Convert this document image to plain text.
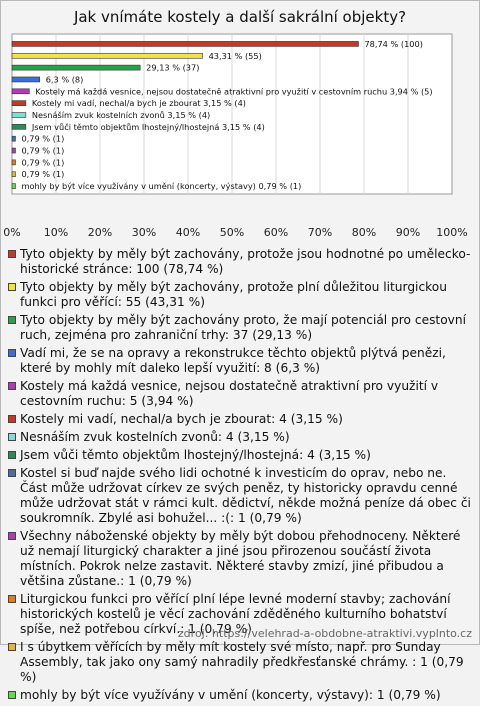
Jak vnímáte kostely a další sakrální objekty?
78,74 % (100)
43,31 % (55)
29,13 % (37)
6,3 % (8)
Kostely má každá vesnice, nejsou dostatečně atraktivní pro využití v cestovním ruchu 3,94 % (5)
Kostely mi vadí, nechal/a bych je zbourat 3,15 % (4)
Nesnáším zvuk kostelních zvonů 3,15 % (4)
Jsem vůči těmto objektům lhostejný/lhostejná 3,15 % (4)
0,79 % (1)
0,79 % (1)
0,79 % (1)
0,79 % (1)
mohly by být více využívány v umění (koncerty, výstavy) 0,79 % (1)
0% 10% 20% 30% 40% 50% 60% 70% 80% 90% 100%
Tyto objekty by měly být zachovány, protože jsou hodnotné po umělecko-historické stránce: 100 (78,74 %)
Tyto objekty by měly být zachovány, protože plní důležitou liturgickou funkci pro věřící: 55 (43,31 %)
Tyto objekty by měly být zachovány proto, že mají potenciál pro cestovní ruch, zejména pro zahraniční trhy: 37 (29,13 %)
Vadí mi, že se na opravy a rekonstrukce těchto objektů plýtvá penězi, které by mohly mít daleko lepší využití: 8 (6,3 %)
Kostely má každá vesnice, nejsou dostatečně atraktivní pro využití v cestovním ruchu: 5 (3,94 %)
Kostely mi vadí, nechal/a bych je zbourat: 4 (3,15 %)
Nesnáším zvuk kostelních zvonů: 4 (3,15 %)
Jsem vůči těmto objektům lhostejný/lhostejná: 4 (3,15 %)
Kostel si buď najde svého lidi ochotné k investicím do oprav, nebo ne. Část může udržovat církev ze svých peněz, ty historicky opravdu cenné může udržovat stát v rámci kult. dědictví, někde možná peníze dá obec či soukromník. Zbylé asi bohužel... :(: 1 (0,79 %)
Všechny náboženské objekty by měly být dobou přehodnoceny. Některé už nemají liturgický charakter a jiné jsou přirozenou součástí života místních. Pokrok nelze zastavit. Některé stavby zmizí, jiné přibudou a většina zůstane.: 1 (0,79 %)
Liturgickou funkci pro věřící plní lépe levné moderní stavby; zachování historických kostelů je věcí zachování zděděného kulturního bohatství spíše, než potřebou církví.: 1 (0,79 %)
I s úbytkem věřících by měly mít kostely své místo, např. pro Sunday Assembly, tak jako ony samý nahradily předkřesťanské chrámy. : 1 (0,79 %)
mohly by být více využívány v umění (koncerty, výstavy): 1 (0,79 %)
zdroj: https://velehrad-a-obdobne-atraktivi.vyplnto.cz
